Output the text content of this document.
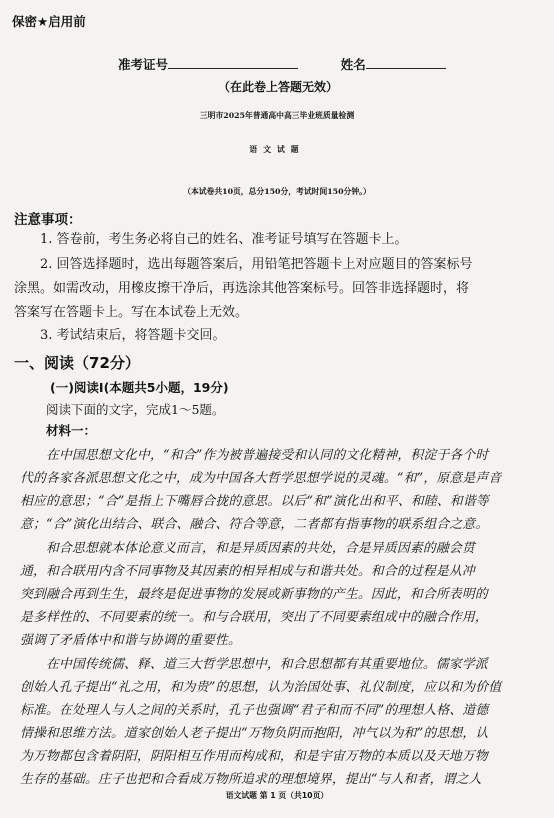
保密★启用前
准考证号	姓名
（在此卷上答题无效）
三明市2025年普通高中高三毕业班质量检测
语文试题
（本试卷共10页，总分150分，考试时间150分钟。）
注意事项：
1. 答卷前，考生务必将自己的姓名、准考证号填写在答题卡上。
2. 回答选择题时，选出每题答案后，用铅笔把答题卡上对应题目的答案标号
涂黑。如需改动，用橡皮擦干净后，再选涂其他答案标号。回答非选择题时，将
答案写在答题卡上。写在本试卷上无效。
3. 考试结束后，将答题卡交回。
一、阅读（72分）
(一)阅读Ⅰ(本题共5小题，19分)
阅读下面的文字，完成1～5题。
材料一：
　　在中国思想文化中，“和合”作为被普遍接受和认同的文化精神，积淀于各个时
代的各家各派思想文化之中，成为中国各大哲学思想学说的灵魂。“和”，原意是声音
相应的意思；“合”是指上下嘴唇合拢的意思。以后“和”演化出和平、和睦、和谐等
意；“合”演化出结合、联合、融合、符合等意，二者都有指事物的联系组合之意。
　　和合思想就本体论意义而言，和是异质因素的共处，合是异质因素的融会贯
通，和合联用内含不同事物及其因素的相异相成与和谐共处。和合的过程是从冲
突到融合再到生生，最终是促进事物的发展或新事物的产生。因此，和合所表明的
是多样性的、不同要素的统一。和与合联用，突出了不同要素组成中的融合作用，
强调了矛盾体中和谐与协调的重要性。
　　在中国传统儒、释、道三大哲学思想中，和合思想都有其重要地位。儒家学派
创始人孔子提出“礼之用，和为贵”的思想，认为治国处事、礼仪制度，应以和为价值
标准。在处理人与人之间的关系时，孔子也强调“君子和而不同”的理想人格、道德
情操和思维方法。道家创始人老子提出“万物负阴而抱阳，冲气以为和”的思想，认
为万物都包含着阴阳，阴阳相互作用而构成和，和是宇宙万物的本质以及天地万物
生存的基础。庄子也把和合看成万物所追求的理想境界，提出“与人和者，谓之人
语文试题 第 1 页（共10页）
